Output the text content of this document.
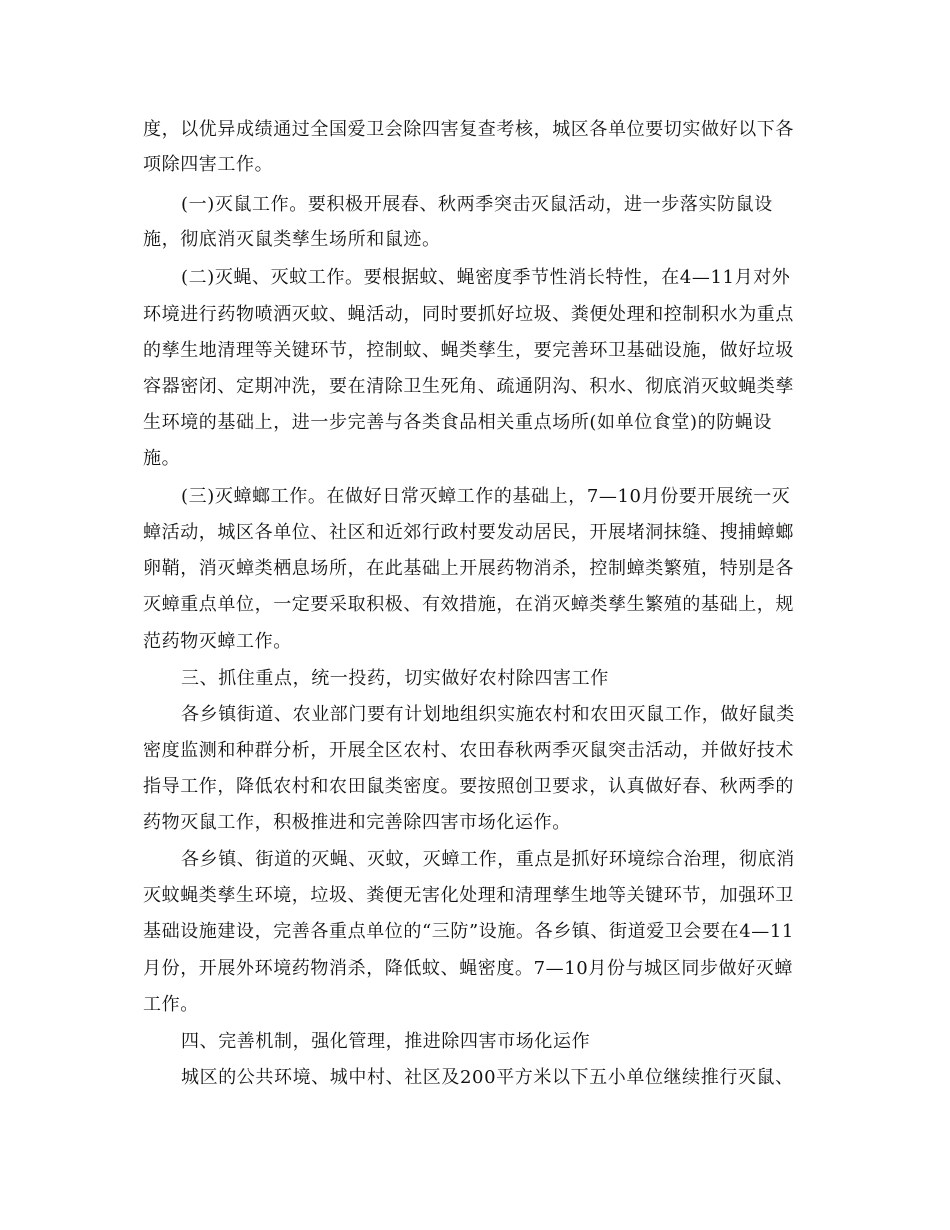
度，以优异成绩通过全国爱卫会除四害复查考核，城区各单位要切实做好以下各

项除四害工作。

(一)灭鼠工作。要积极开展春、秋两季突击灭鼠活动，进一步落实防鼠设

施，彻底消灭鼠类孳生场所和鼠迹。

(二)灭蝇、灭蚊工作。要根据蚊、蝇密度季节性消长特性，在4—11月对外

环境进行药物喷洒灭蚊、蝇活动，同时要抓好垃圾、粪便处理和控制积水为重点

的孳生地清理等关键环节，控制蚊、蝇类孳生，要完善环卫基础设施，做好垃圾

容器密闭、定期冲洗，要在清除卫生死角、疏通阴沟、积水、彻底消灭蚊蝇类孳

生环境的基础上，进一步完善与各类食品相关重点场所(如单位食堂)的防蝇设

施。

(三)灭蟑螂工作。在做好日常灭蟑工作的基础上，7—10月份要开展统一灭

蟑活动，城区各单位、社区和近郊行政村要发动居民，开展堵洞抹缝、搜捕蟑螂

卵鞘，消灭蟑类栖息场所，在此基础上开展药物消杀，控制蟑类繁殖，特别是各

灭蟑重点单位，一定要采取积极、有效措施，在消灭蟑类孳生繁殖的基础上，规

范药物灭蟑工作。

三、抓住重点，统一投药，切实做好农村除四害工作

各乡镇街道、农业部门要有计划地组织实施农村和农田灭鼠工作，做好鼠类

密度监测和种群分析，开展全区农村、农田春秋两季灭鼠突击活动，并做好技术

指导工作，降低农村和农田鼠类密度。要按照创卫要求，认真做好春、秋两季的

药物灭鼠工作，积极推进和完善除四害市场化运作。

各乡镇、街道的灭蝇、灭蚊，灭蟑工作，重点是抓好环境综合治理，彻底消

灭蚊蝇类孳生环境，垃圾、粪便无害化处理和清理孳生地等关键环节，加强环卫

基础设施建设，完善各重点单位的“三防”设施。各乡镇、街道爱卫会要在4—11

月份，开展外环境药物消杀，降低蚊、蝇密度。7—10月份与城区同步做好灭蟑

工作。

四、完善机制，强化管理，推进除四害市场化运作

城区的公共环境、城中村、社区及200平方米以下五小单位继续推行灭鼠、
